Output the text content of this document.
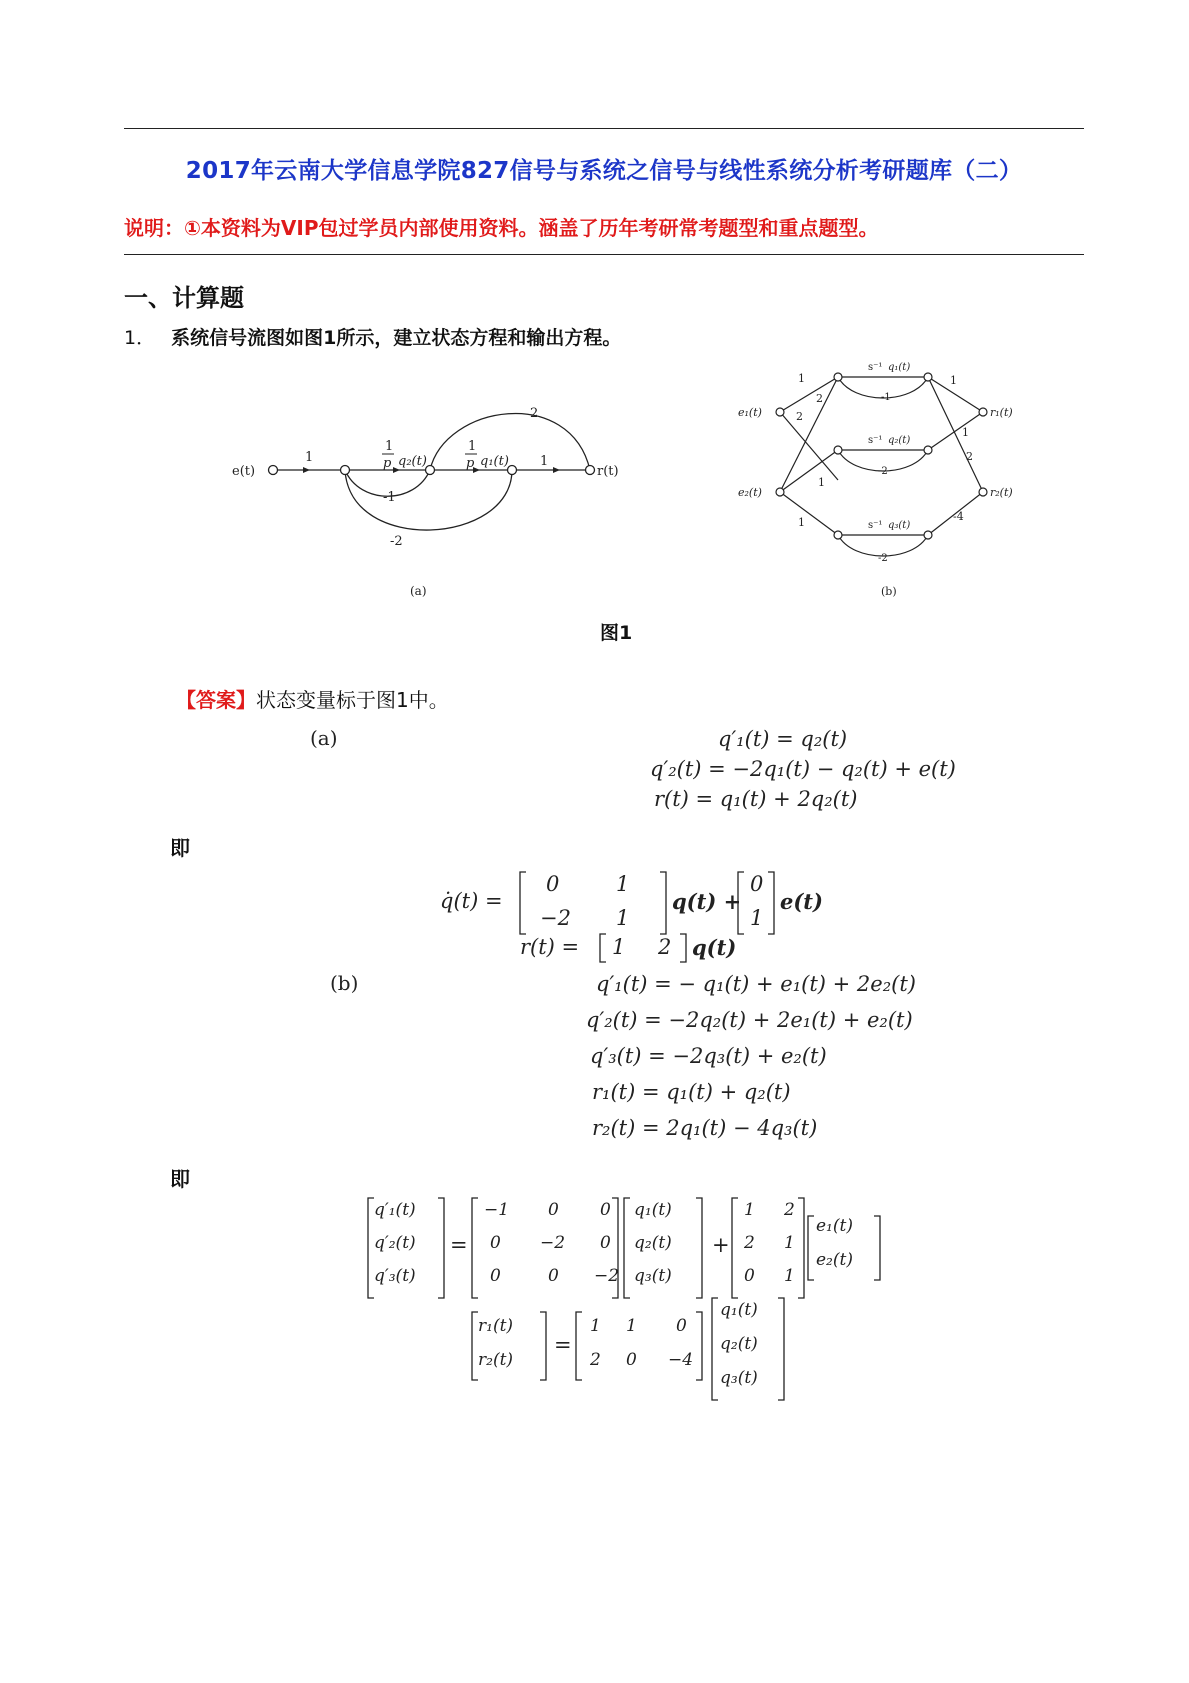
2017年云南大学信息学院827信号与系统之信号与线性系统分析考研题库（二）
说明：①本资料为VIP包过学员内部使用资料。涵盖了历年考研常考题型和重点题型。
一、计算题
1． 系统信号流图如图1所示，建立状态方程和输出方程。
e(t)	r(t)
1
1
p q₂(t)
1
p q₁(t) 1
2
-1
-2
(a)
e₁(t)
e₂(t)
r₁(t)
r₂(t)
s⁻¹ q₁(t)
s⁻¹ q₂(t)
s⁻¹ q₃(t)
1
2
2
1
1
-1
-2
-2
1
1
2
-4
(b)
图1
【答案】状态变量标于图1中。
(a)	q′₁(t) = q₂(t)
q′₂(t) = −2q₁(t) − q₂(t) + e(t)
r(t) = q₁(t) + 2q₂(t)
即
q̇(t) =
0	1
−2 1
q(t) +
0
1
e(t)
r(t) = 1 2 q(t)
(b)	q′₁(t) = − q₁(t) + e₁(t) + 2e₂(t)
q′₂(t) = −2q₂(t) + 2e₁(t) + e₂(t)
q′₃(t) = −2q₃(t) + e₂(t)
r₁(t) = q₁(t) + q₂(t)
r₂(t) = 2q₁(t) − 4q₃(t)
即
q′₁(t)
q′₂(t)
q′₃(t)
=
−1 0 0
0 −2 0
0	0 −2
q₁(t)
q₂(t)
q₃(t)
+
1 2
2 1
0 1
e₁(t)
e₂(t)
r₁(t)
r₂(t)
=
1 1 0
2 0 −4
q₁(t)
q₂(t)
q₃(t)
